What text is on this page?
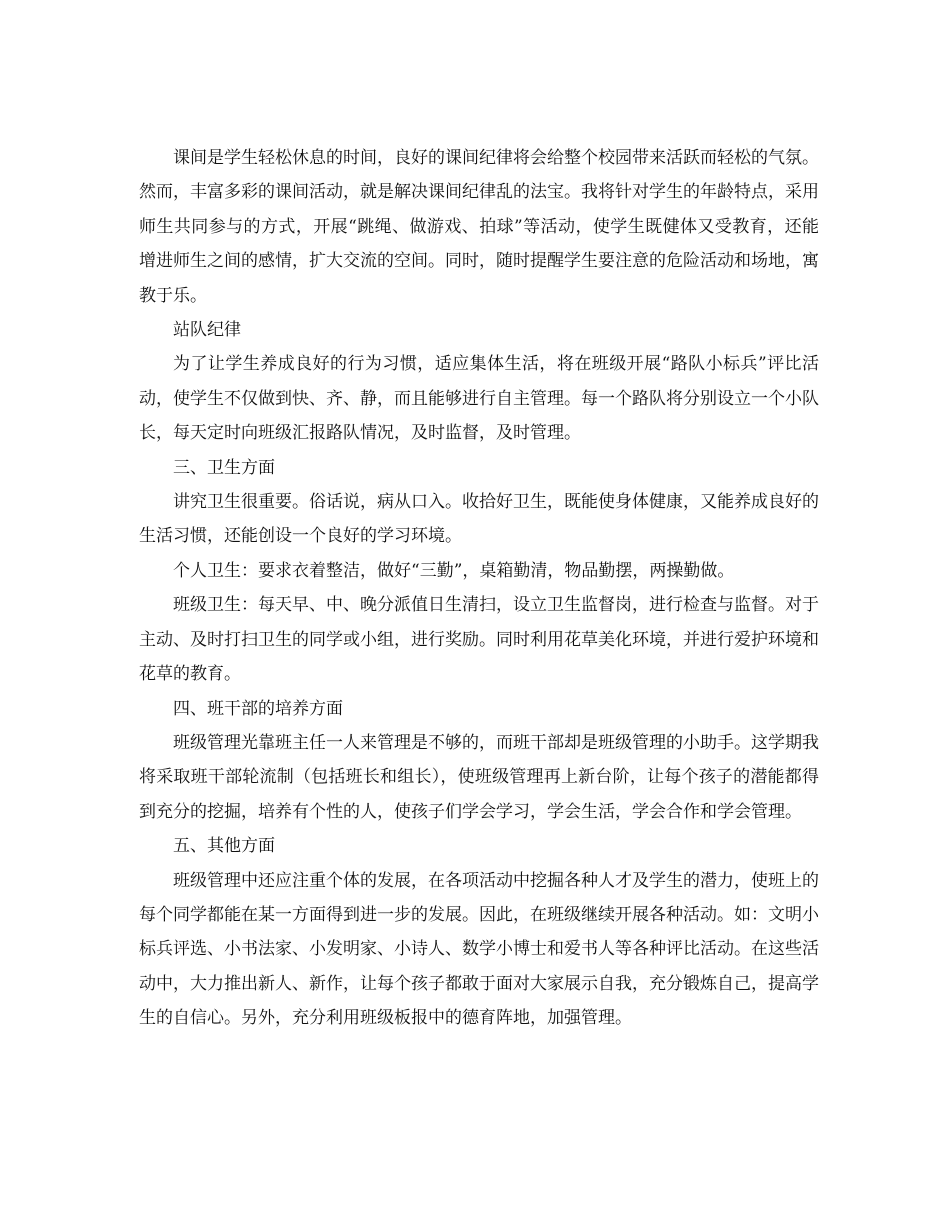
课间是学生轻松休息的时间，良好的课间纪律将会给整个校园带来活跃而轻松的气氛。然而，丰富多彩的课间活动，就是解决课间纪律乱的法宝。我将针对学生的年龄特点，采用师生共同参与的方式，开展“跳绳、做游戏、拍球”等活动，使学生既健体又受教育，还能增进师生之间的感情，扩大交流的空间。同时，随时提醒学生要注意的危险活动和场地，寓教于乐。

站队纪律

为了让学生养成良好的行为习惯，适应集体生活，将在班级开展“路队小标兵”评比活动，使学生不仅做到快、齐、静，而且能够进行自主管理。每一个路队将分别设立一个小队长，每天定时向班级汇报路队情况，及时监督，及时管理。

三、卫生方面

讲究卫生很重要。俗话说，病从口入。收拾好卫生，既能使身体健康，又能养成良好的生活习惯，还能创设一个良好的学习环境。

个人卫生：要求衣着整洁，做好“三勤”，桌箱勤清，物品勤摆，两操勤做。

班级卫生：每天早、中、晚分派值日生清扫，设立卫生监督岗，进行检查与监督。对于主动、及时打扫卫生的同学或小组，进行奖励。同时利用花草美化环境，并进行爱护环境和花草的教育。

四、班干部的培养方面

班级管理光靠班主任一人来管理是不够的，而班干部却是班级管理的小助手。这学期我将采取班干部轮流制（包括班长和组长），使班级管理再上新台阶，让每个孩子的潜能都得到充分的挖掘，培养有个性的人，使孩子们学会学习，学会生活，学会合作和学会管理。

五、其他方面

班级管理中还应注重个体的发展，在各项活动中挖掘各种人才及学生的潜力，使班上的每个同学都能在某一方面得到进一步的发展。因此，在班级继续开展各种活动。如：文明小标兵评选、小书法家、小发明家、小诗人、数学小博士和爱书人等各种评比活动。在这些活动中，大力推出新人、新作，让每个孩子都敢于面对大家展示自我，充分锻炼自己，提高学生的自信心。另外，充分利用班级板报中的德育阵地，加强管理。
